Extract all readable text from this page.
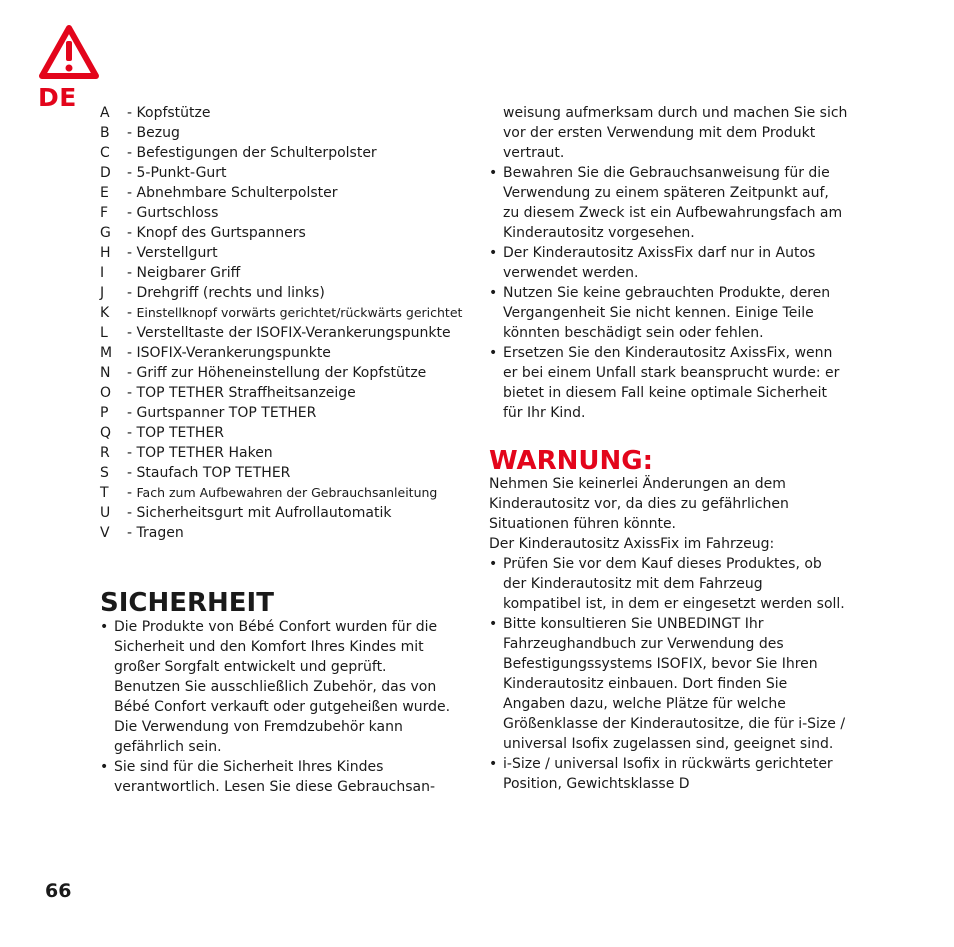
DE
A - Kopfstütze
B - Bezug
C - Befestigungen der Schulterpolster
D - 5-Punkt-Gurt
E - Abnehmbare Schulterpolster
F - Gurtschloss
G - Knopf des Gurtspanners
H - Verstellgurt
I - Neigbarer Griff
J - Drehgriff (rechts und links)
K - Einstellknopf vorwärts gerichtet/rückwärts gerichtet
L - Verstelltaste der ISOFIX-Verankerungspunkte
M - ISOFIX-Verankerungspunkte
N - Griff zur Höheneinstellung der Kopfstütze
O - TOP TETHER Straffheitsanzeige
P - Gurtspanner TOP TETHER
Q - TOP TETHER
R - TOP TETHER Haken
S - Staufach TOP TETHER
T - Fach zum Aufbewahren der Gebrauchsanleitung
U - Sicherheitsgurt mit Aufrollautomatik
V - Tragen
SICHERHEIT
• Die Produkte von Bébé Confort wurden für die
Sicherheit und den Komfort Ihres Kindes mit
großer Sorgfalt entwickelt und geprüft.
Benutzen Sie ausschließlich Zubehör, das von
Bébé Confort verkauft oder gutgeheißen wurde.
Die Verwendung von Fremdzubehör kann
gefährlich sein.
• Sie sind für die Sicherheit Ihres Kindes
verantwortlich. Lesen Sie diese Gebrauchsan-
weisung aufmerksam durch und machen Sie sich
vor der ersten Verwendung mit dem Produkt
vertraut.
• Bewahren Sie die Gebrauchsanweisung für die
Verwendung zu einem späteren Zeitpunkt auf,
zu diesem Zweck ist ein Aufbewahrungsfach am
Kinderautositz vorgesehen.
• Der Kinderautositz AxissFix darf nur in Autos
verwendet werden.
• Nutzen Sie keine gebrauchten Produkte, deren
Vergangenheit Sie nicht kennen. Einige Teile
könnten beschädigt sein oder fehlen.
• Ersetzen Sie den Kinderautositz AxissFix, wenn
er bei einem Unfall stark beansprucht wurde: er
bietet in diesem Fall keine optimale Sicherheit
für Ihr Kind.
WARNUNG:
Nehmen Sie keinerlei Änderungen an dem
Kinderautositz vor, da dies zu gefährlichen
Situationen führen könnte.
Der Kinderautositz AxissFix im Fahrzeug:
• Prüfen Sie vor dem Kauf dieses Produktes, ob
der Kinderautositz mit dem Fahrzeug
kompatibel ist, in dem er eingesetzt werden soll.
• Bitte konsultieren Sie UNBEDINGT Ihr
Fahrzeughandbuch zur Verwendung des
Befestigungssystems ISOFIX, bevor Sie Ihren
Kinderautositz einbauen. Dort finden Sie
Angaben dazu, welche Plätze für welche
Größenklasse der Kinderautositze, die für i-Size /
universal Isofix zugelassen sind, geeignet sind.
• i-Size / universal Isofix in rückwärts gerichteter
Position, Gewichtsklasse D
66
